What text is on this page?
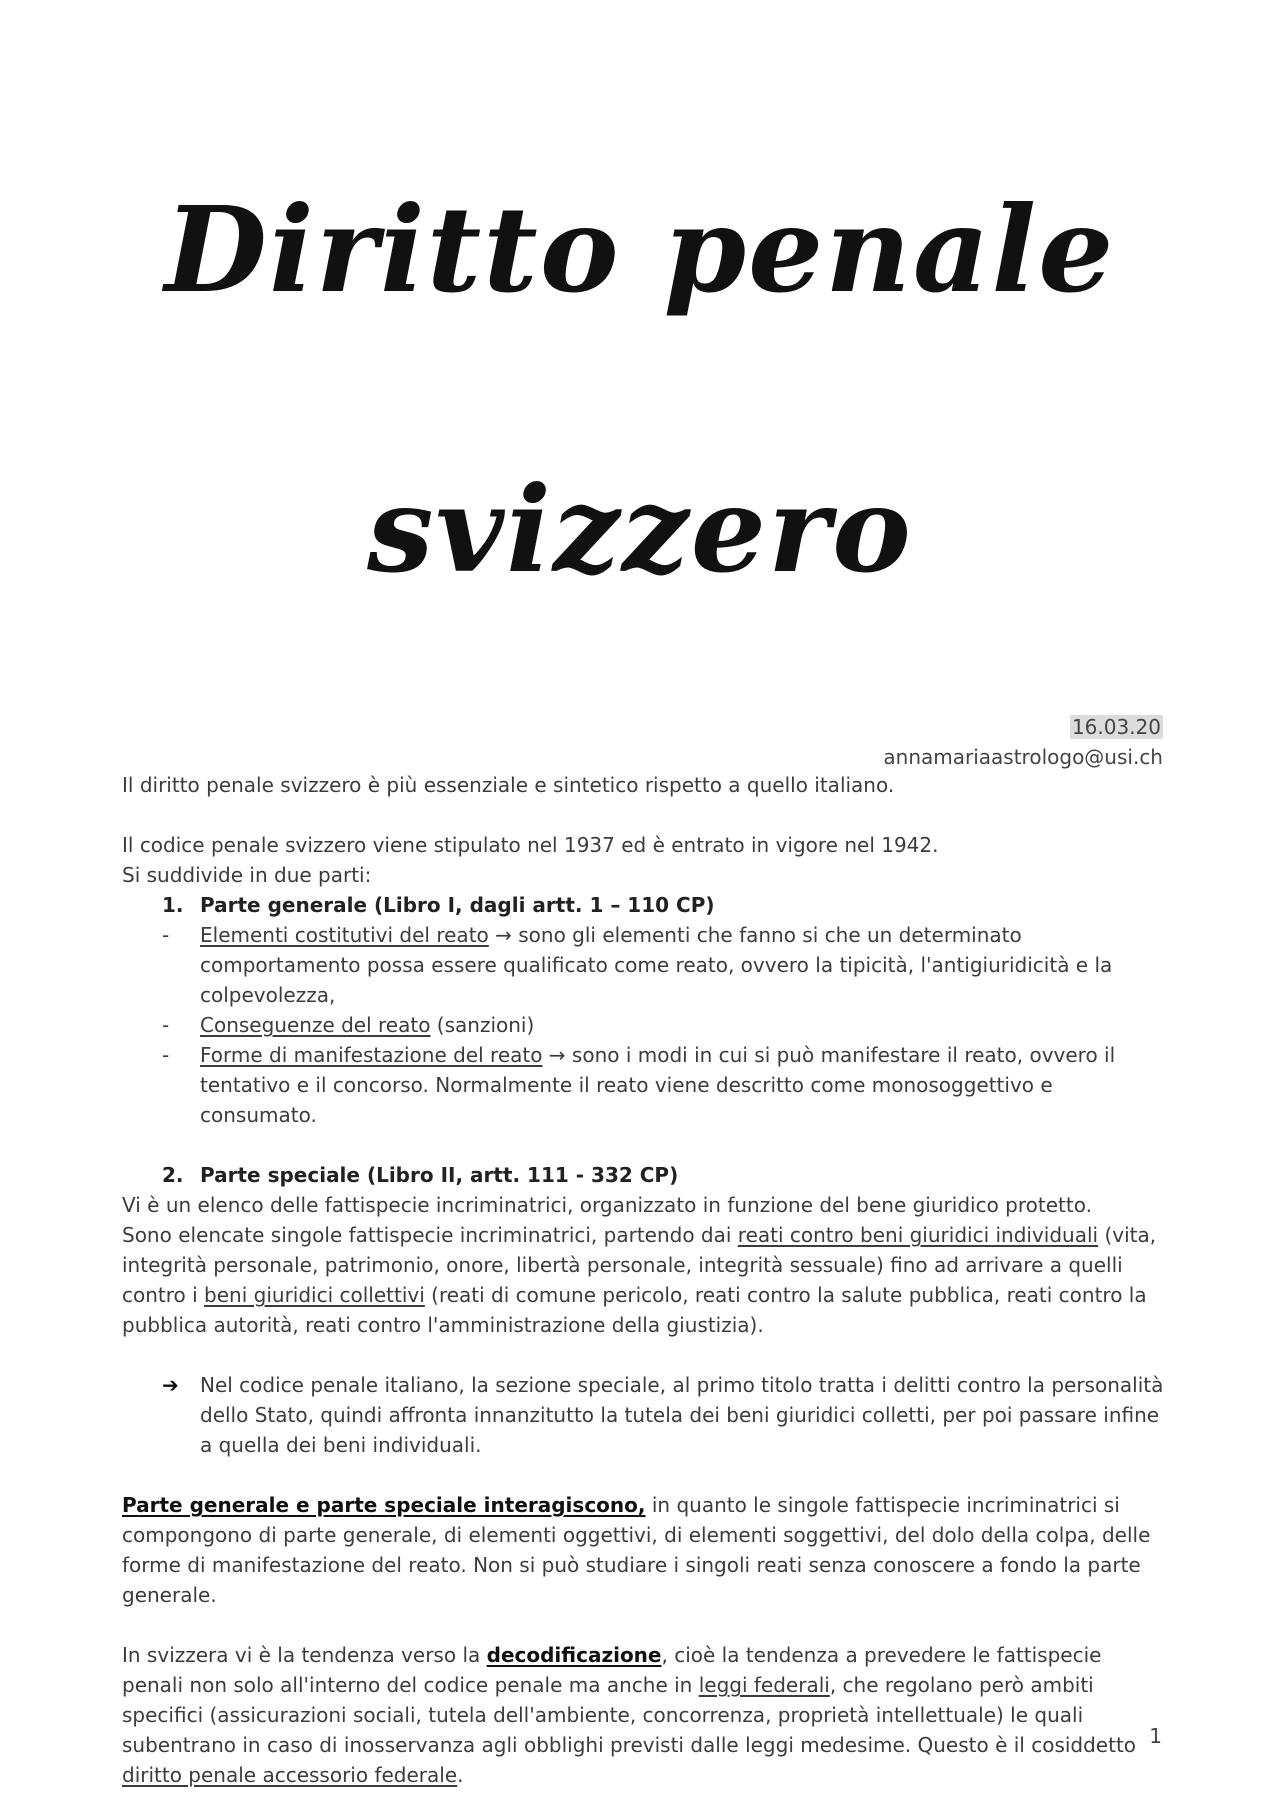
Diritto penale
svizzero
16.03.20
annamariaastrologo@usi.ch

Il diritto penale svizzero è più essenziale e sintetico rispetto a quello italiano.

Il codice penale svizzero viene stipulato nel 1937 ed è entrato in vigore nel 1942.

Si suddivide in due parti:

1. Parte generale (Libro I, dagli artt. 1 – 110 CP)
-	Elementi costitutivi del reato → sono gli elementi che fanno si che un determinato comportamento possa essere qualificato come reato, ovvero la tipicità, l'antigiuridicità e la colpevolezza,
-	Conseguenze del reato (sanzioni)
-	Forme di manifestazione del reato → sono i modi in cui si può manifestare il reato, ovvero il tentativo e il concorso. Normalmente il reato viene descritto come monosoggettivo e consumato.
2. Parte speciale (Libro II, artt. 111 - 332 CP)

Vi è un elenco delle fattispecie incriminatrici, organizzato in funzione del bene giuridico protetto.

Sono elencate singole fattispecie incriminatrici, partendo dai reati contro beni giuridici individuali (vita, integrità personale, patrimonio, onore, libertà personale, integrità sessuale) fino ad arrivare a quelli contro i beni giuridici collettivi (reati di comune pericolo, reati contro la salute pubblica, reati contro la pubblica autorità, reati contro l'amministrazione della giustizia).

➔	Nel codice penale italiano, la sezione speciale, al primo titolo tratta i delitti contro la personalità dello Stato, quindi affronta innanzitutto la tutela dei beni giuridici colletti, per poi passare infine a quella dei beni individuali.

Parte generale e parte speciale interagiscono, in quanto le singole fattispecie incriminatrici si compongono di parte generale, di elementi oggettivi, di elementi soggettivi, del dolo della colpa, delle forme di manifestazione del reato. Non si può studiare i singoli reati senza conoscere a fondo la parte generale.

In svizzera vi è la tendenza verso la decodificazione, cioè la tendenza a prevedere le fattispecie penali non solo all'interno del codice penale ma anche in leggi federali, che regolano però ambiti specifici (assicurazioni sociali, tutela dell'ambiente, concorrenza, proprietà intellettuale) le quali subentrano in caso di inosservanza agli obblighi previsti dalle leggi medesime. Questo è il cosiddetto diritto penale accessorio federale.

1
